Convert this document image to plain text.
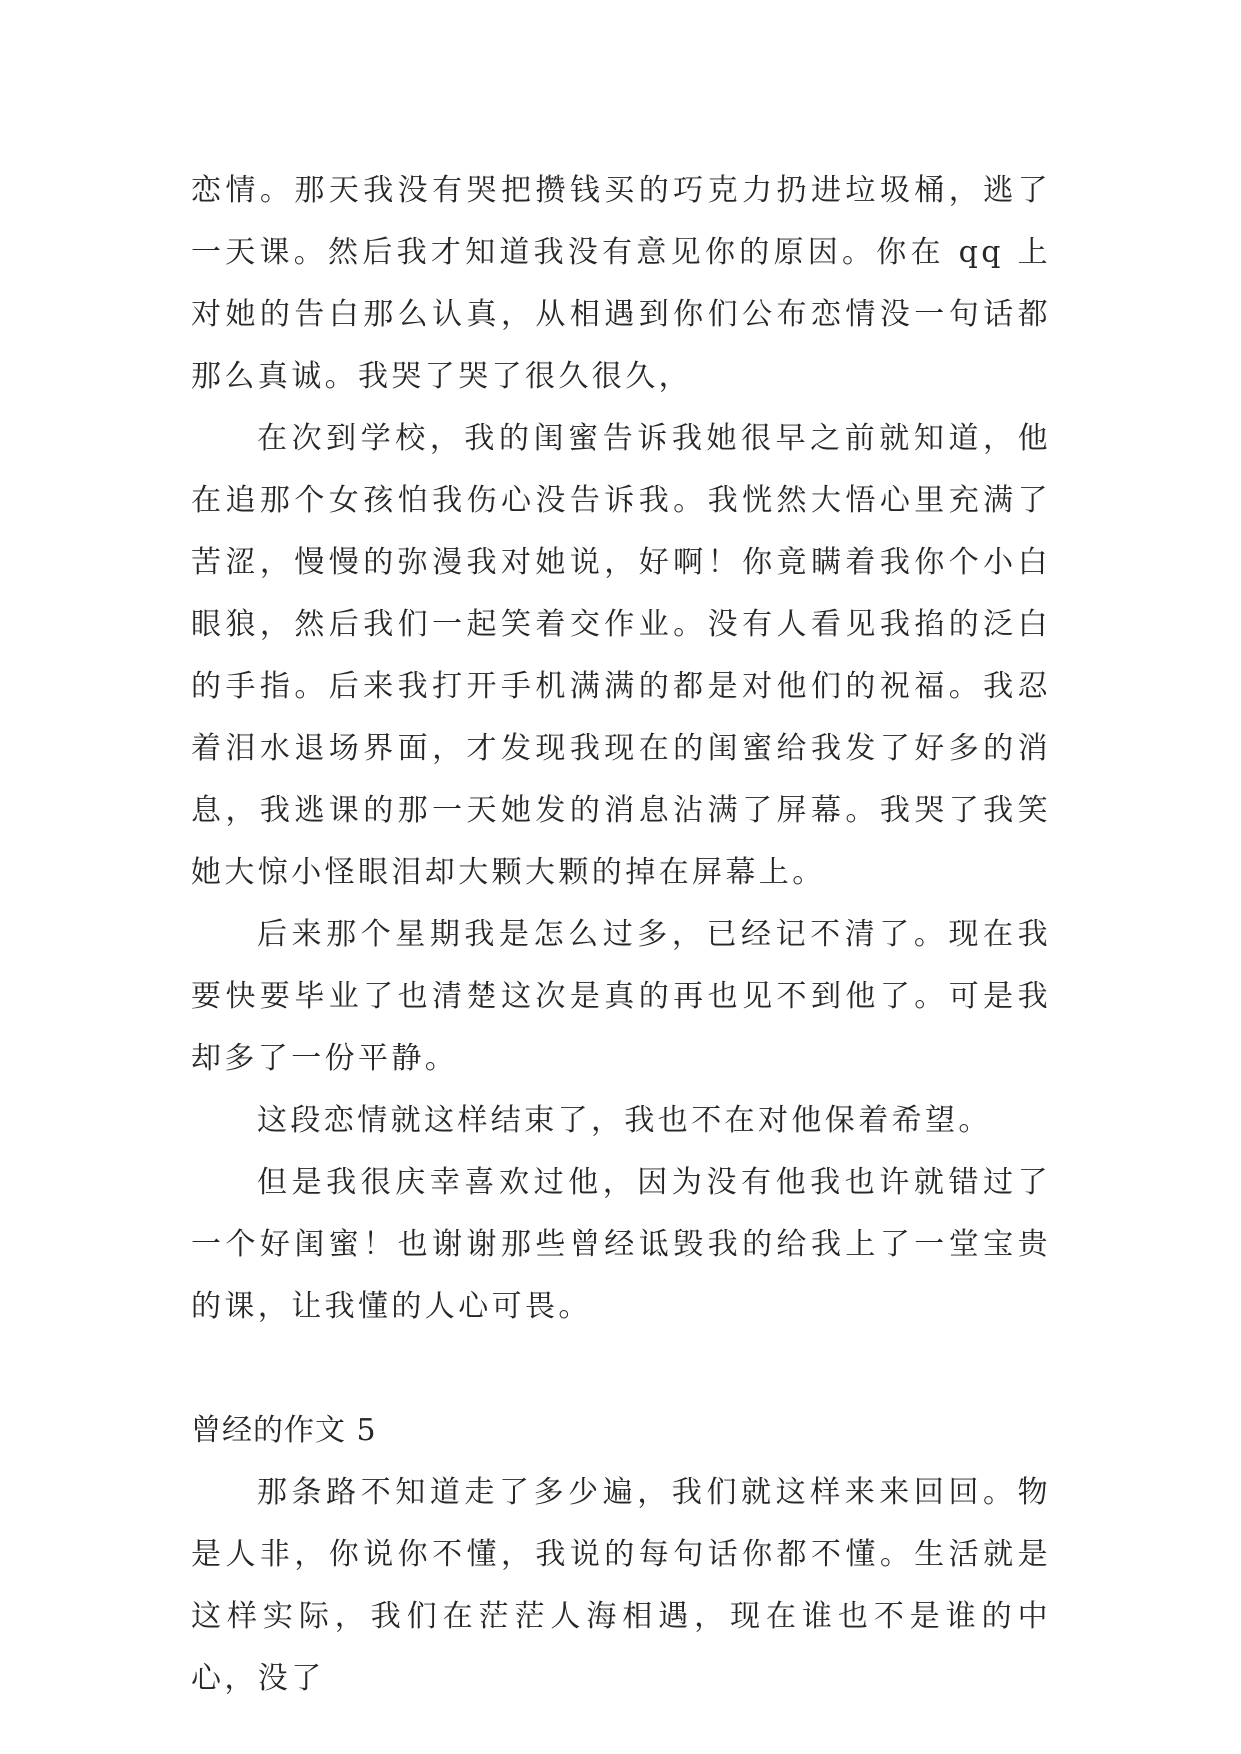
恋情。那天我没有哭把攒钱买的巧克力扔进垃圾桶，逃了一天课。然后我才知道我没有意见你的原因。你在 qq 上对她的告白那么认真，从相遇到你们公布恋情没一句话都那么真诚。我哭了哭了很久很久，

在次到学校，我的闺蜜告诉我她很早之前就知道，他在追那个女孩怕我伤心没告诉我。我恍然大悟心里充满了苦涩，慢慢的弥漫我对她说，好啊！你竟瞒着我你个小白眼狼，然后我们一起笑着交作业。没有人看见我掐的泛白的手指。后来我打开手机满满的都是对他们的祝福。我忍着泪水退场界面，才发现我现在的闺蜜给我发了好多的消息，我逃课的那一天她发的消息沾满了屏幕。我哭了我笑她大惊小怪眼泪却大颗大颗的掉在屏幕上。

后来那个星期我是怎么过多，已经记不清了。现在我要快要毕业了也清楚这次是真的再也见不到他了。可是我却多了一份平静。

这段恋情就这样结束了，我也不在对他保着希望。

但是我很庆幸喜欢过他，因为没有他我也许就错过了一个好闺蜜！也谢谢那些曾经诋毁我的给我上了一堂宝贵的课，让我懂的人心可畏。

曾经的作文 5

那条路不知道走了多少遍，我们就这样来来回回。物是人非，你说你不懂，我说的每句话你都不懂。生活就是这样实际，我们在茫茫人海相遇，现在谁也不是谁的中心，没了
